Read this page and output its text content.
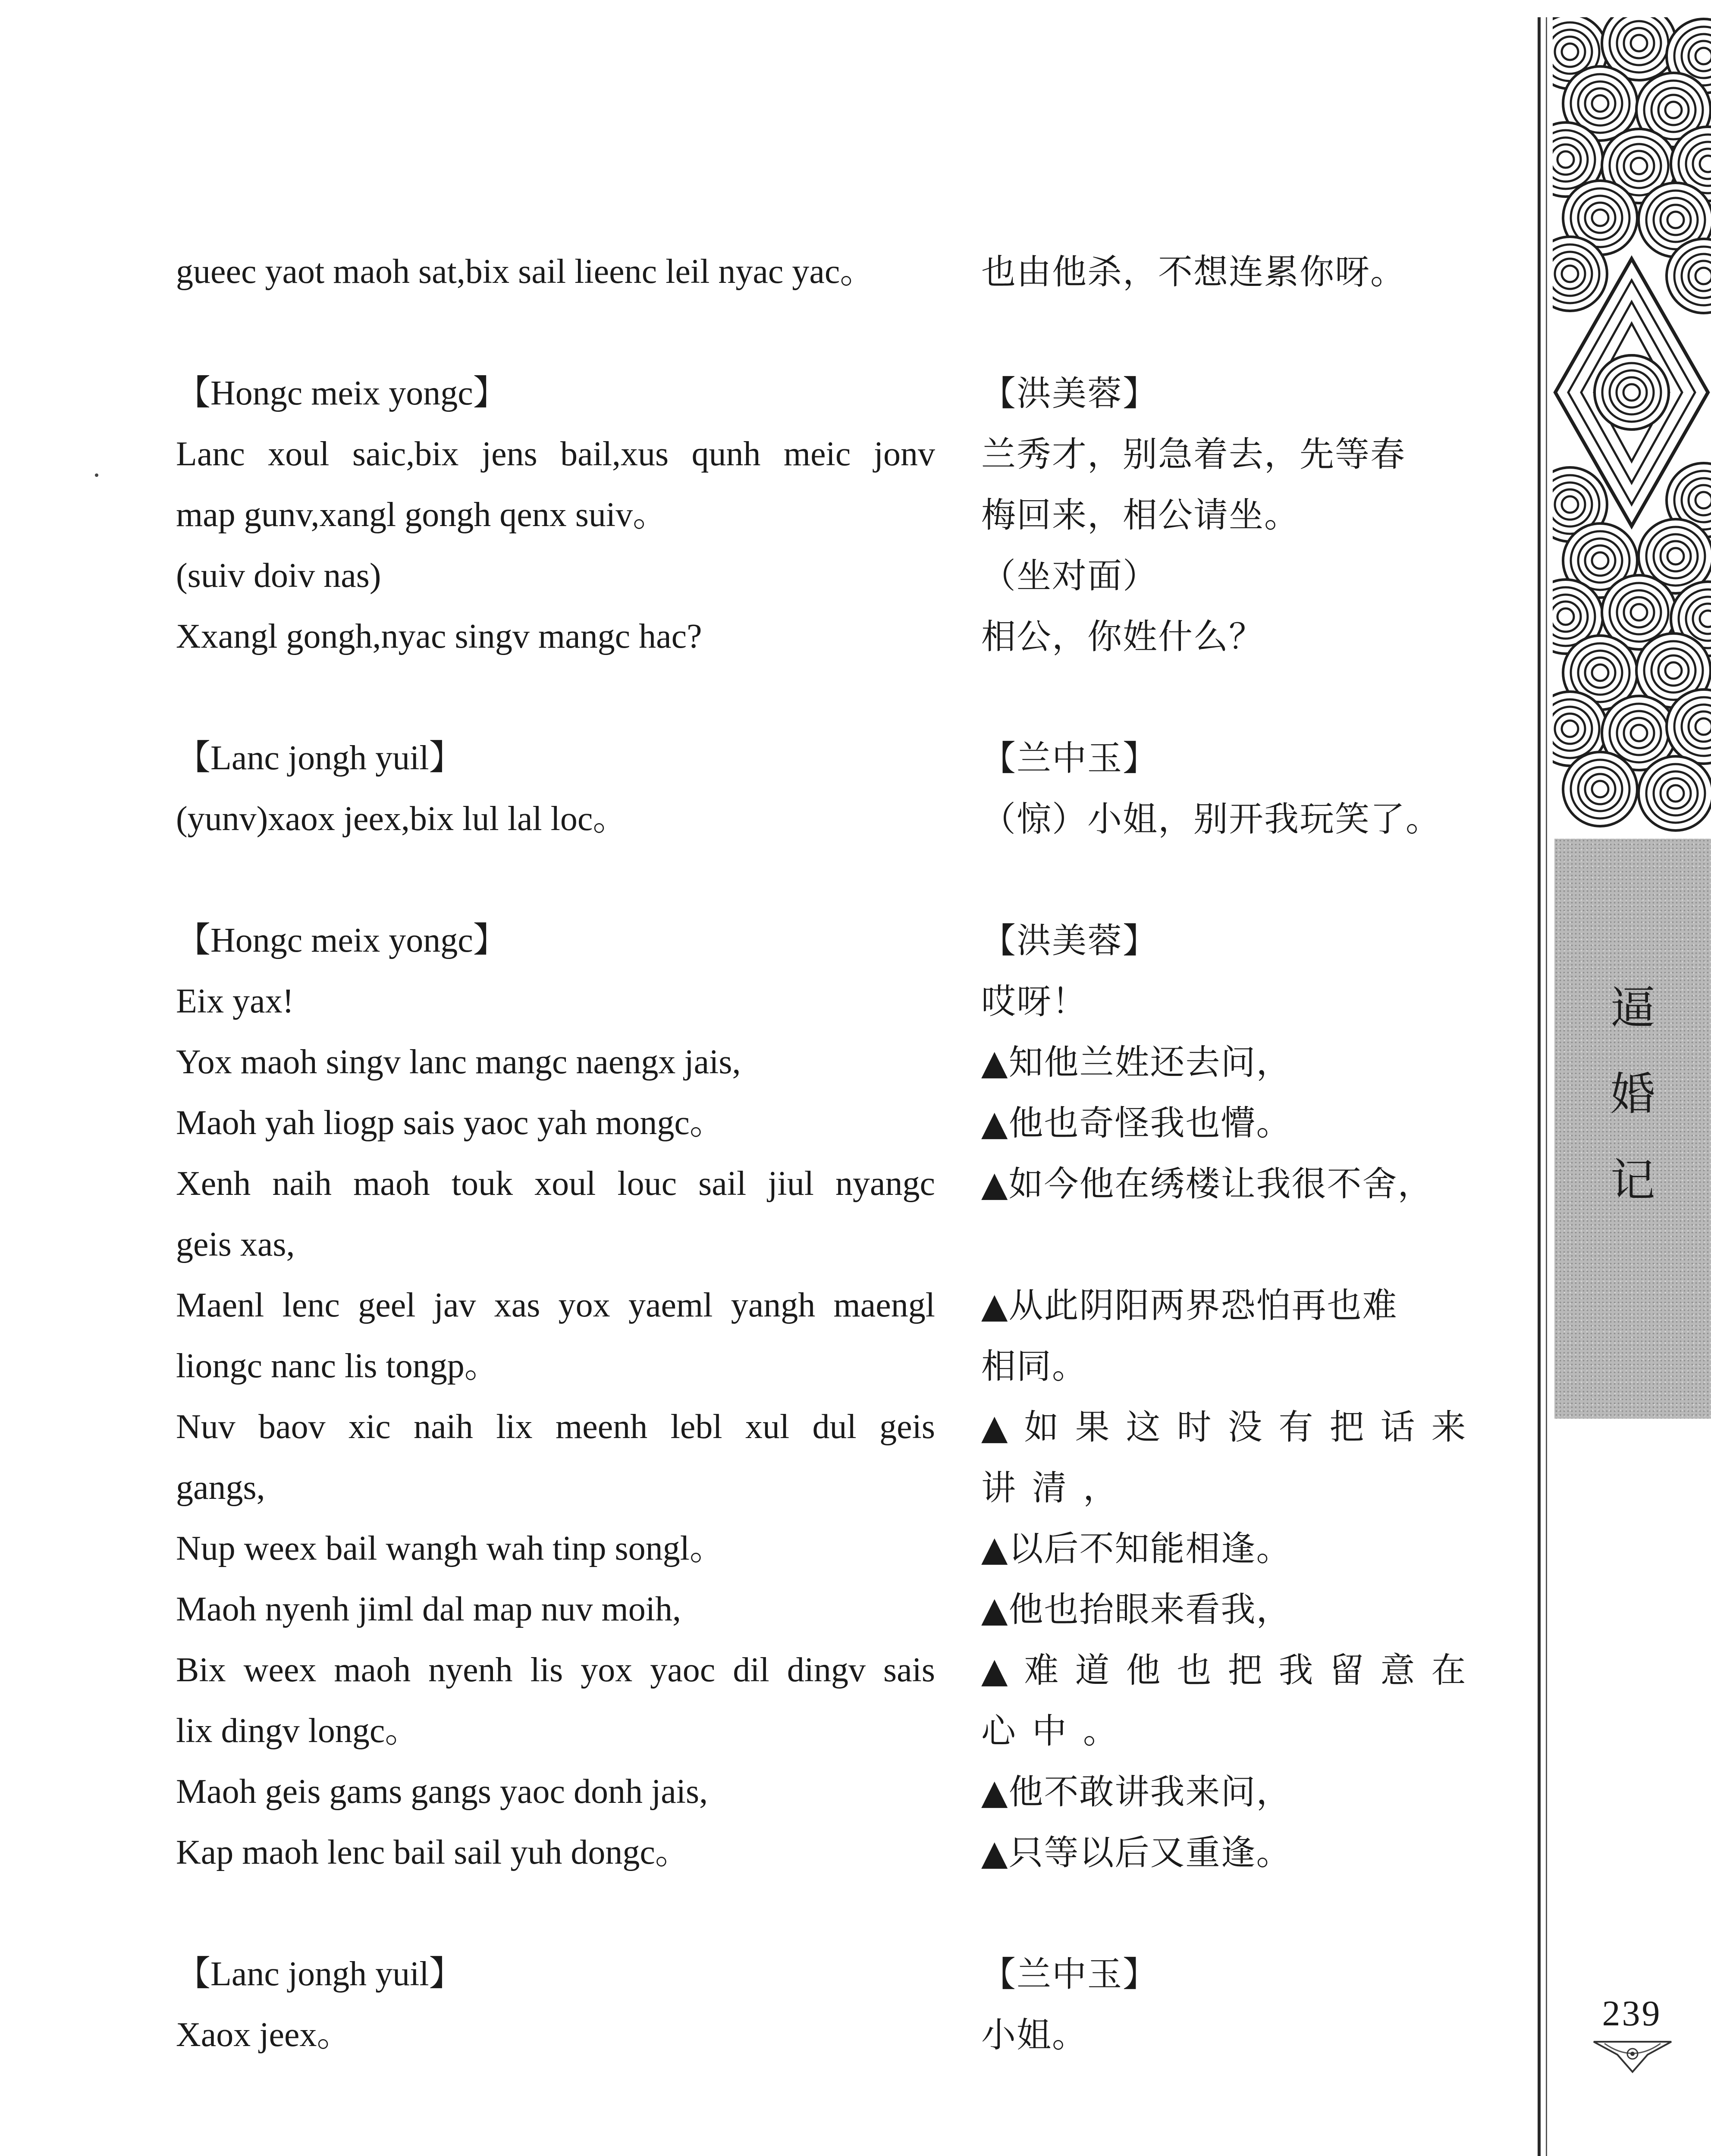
gueec yaot maoh sat,bix sail lieenc leil nyac yac。
【Hongc meix yongc】
Lanc xoul saic,bix jens bail,xus qunh meic jonv
map gunv,xangl gongh qenx suiv。
(suiv doiv nas)
Xxangl gongh,nyac singv mangc hac?
【Lanc jongh yuil】
(yunv)xaox jeex,bix lul lal loc。
【Hongc meix yongc】
Eix yax!
Yox maoh singv lanc mangc naengx jais,
Maoh yah liogp sais yaoc yah mongc。
Xenh naih maoh touk xoul louc sail jiul nyangc
geis xas,
Maenl lenc geel jav xas yox yaeml yangh maengl
liongc nanc lis tongp。
Nuv baov xic naih lix meenh lebl xul dul geis
gangs,
Nup weex bail wangh wah tinp songl。
Maoh nyenh jiml dal map nuv moih,
Bix weex maoh nyenh lis yox yaoc dil dingv sais
lix dingv longc。
Maoh geis gams gangs yaoc donh jais,
Kap maoh lenc bail sail yuh dongc。
【Lanc jongh yuil】
Xaox jeex。
也由他杀，不想连累你呀。
【洪美蓉】
兰秀才，别急着去，先等春
梅回来，相公请坐。
（坐对面）
相公，你姓什么？
【兰中玉】
（惊）小姐，别开我玩笑了。
【洪美蓉】
哎呀！
▲知他兰姓还去问，
▲他也奇怪我也懵。
▲如今他在绣楼让我很不舍，
▲从此阴阳两界恐怕再也难
相同。
▲如果这时没有把话来
讲清，
▲以后不知能相逢。
▲他也抬眼来看我，
▲难道他也把我留意在
心中。
▲他不敢讲我来问，
▲只等以后又重逢。
【兰中玉】
小姐。
逼
婚
记
239
